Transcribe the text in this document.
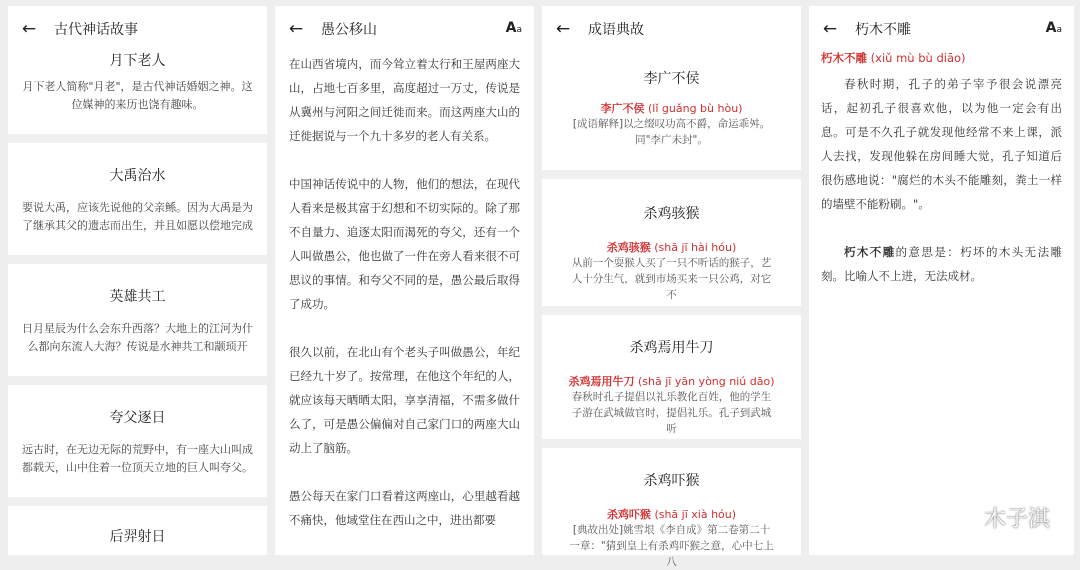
← 古代神话故事
月下老人
月下老人简称"月老"，是古代神话婚姻之神。这位媒神的来历也饶有趣味。
大禹治水
要说大禹，应该先说他的父亲鲧。因为大禹是为了继承其父的遗志而出生，并且如愿以偿地完成
英雄共工
日月星辰为什么会东升西落？大地上的江河为什么都向东流人大海？传说是水神共工和颛顼开
夸父逐日
远古时，在无边无际的荒野中，有一座大山叫成都载天，山中住着一位顶天立地的巨人叫夸父。
后羿射日
← 愚公移山	Aa

在山西省境内，而今耸立着太行和王屋两座大山，占地七百多里，高度超过一万丈，传说是从冀州与河阳之间迁徙而来。而这两座大山的迁徙据说与一个九十多岁的老人有关系。

中国神话传说中的人物，他们的想法，在现代人看来是极其富于幻想和不切实际的。除了那不自量力、追逐太阳而渴死的夸父，还有一个人叫做愚公，他也做了一件在旁人看来很不可思议的事情。和夸父不同的是，愚公最后取得了成功。

很久以前，在北山有个老头子叫做愚公，年纪已经九十岁了。按常理，在他这个年纪的人，就应该每天晒晒太阳，享享清福，不需多做什么了，可是愚公偏偏对自己家门口的两座大山动上了脑筋。

愚公每天在家门口看着这两座山，心里越看越不痛快，他域堂住在西山之中，进出都要

← 成语典故
李广不侯
李广不侯 (lǐ guǎng bù hòu)
[成语解释]以之缀叹功高不爵，命运乖舛。同"李广未封"。
杀鸡骇猴
杀鸡骇猴 (shā jī hài hóu)
从前一个耍猴人买了一只不听话的猴子，艺人十分生气，就到市场买来一只公鸡，对它不
杀鸡焉用牛刀
杀鸡焉用牛刀 (shā jī yān yòng niú dāo)
春秋时孔子提倡以礼乐教化百姓，他的学生子游在武城做官时，提倡礼乐。孔子到武城听
杀鸡吓猴
杀鸡吓猴 (shā jī xià hóu)
[典故出处]姚雪垠《李自成》第二卷第二十一章："猜到皇上有杀鸡吓猴之意，心中七上八
← 朽木不雕	Aa
朽木不雕 (xiǔ mù bù diāo)

春秋时期，孔子的弟子宰予很会说漂亮话，起初孔子很喜欢他，以为他一定会有出息。可是不久孔子就发现他经常不来上课，派人去找，发现他躲在房间睡大觉，孔子知道后很伤感地说："腐烂的木头不能雕刻，粪土一样的墙壁不能粉刷。"。

朽木不雕的意思是：朽坏的木头无法雕刻。比喻人不上进，无法成材。

木子淇
